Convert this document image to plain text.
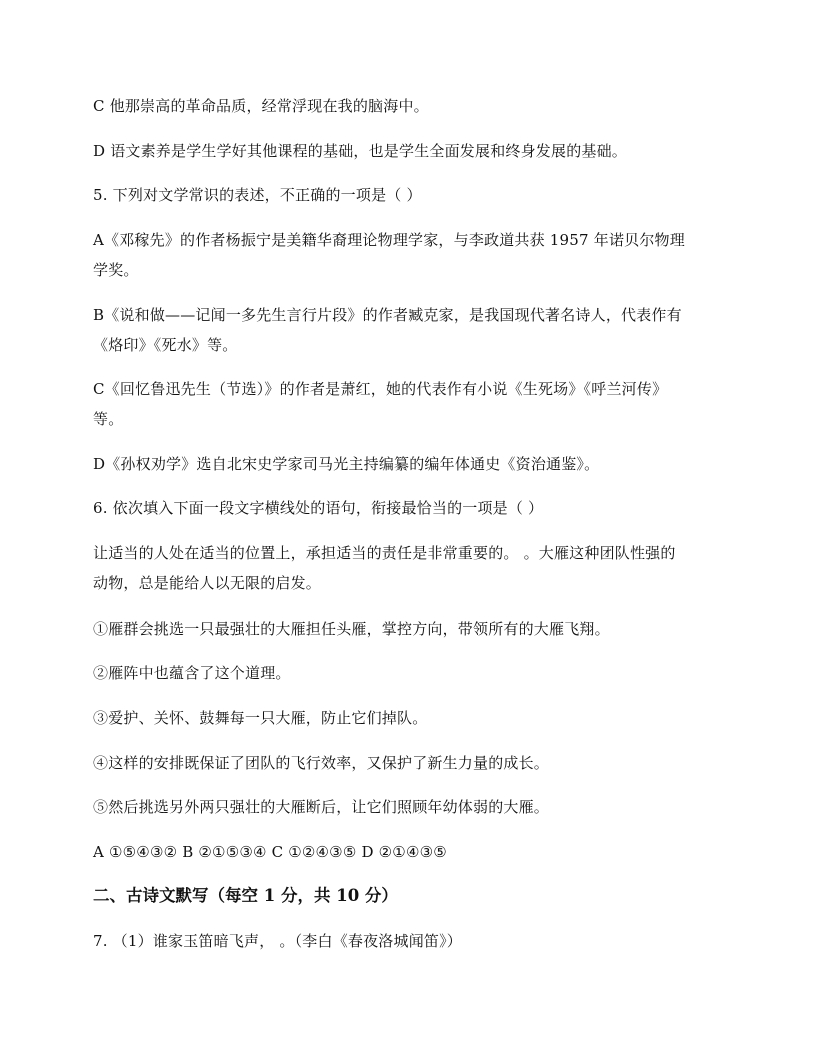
C 他那崇高的革命品质，经常浮现在我的脑海中。
D 语文素养是学生学好其他课程的基础，也是学生全面发展和终身发展的基础。
5. 下列对文学常识的表述，不正确的一项是（ ）
A《邓稼先》的作者杨振宁是美籍华裔理论物理学家，与李政道共获 1957 年诺贝尔物理
学奖。
B《说和做——记闻一多先生言行片段》的作者臧克家，是我国现代著名诗人，代表作有
《烙印》《死水》等。
C《回忆鲁迅先生（节选）》的作者是萧红，她的代表作有小说《生死场》《呼兰河传》
等。
D《孙权劝学》选自北宋史学家司马光主持编纂的编年体通史《资治通鉴》。
6. 依次填入下面一段文字横线处的语句，衔接最恰当的一项是（ ）
让适当的人处在适当的位置上，承担适当的责任是非常重要的。 。大雁这种团队性强的
动物，总是能给人以无限的启发。
①雁群会挑选一只最强壮的大雁担任头雁，掌控方向，带领所有的大雁飞翔。
②雁阵中也蕴含了这个道理。
③爱护、关怀、鼓舞每一只大雁，防止它们掉队。
④这样的安排既保证了团队的飞行效率，又保护了新生力量的成长。
⑤然后挑选另外两只强壮的大雁断后，让它们照顾年幼体弱的大雁。
A ①⑤④③② B ②①⑤③④ C ①②④③⑤ D ②①④③⑤
二、古诗文默写（每空 1 分，共 10 分）
7. （1）谁家玉笛暗飞声， 。（李白《春夜洛城闻笛》）
